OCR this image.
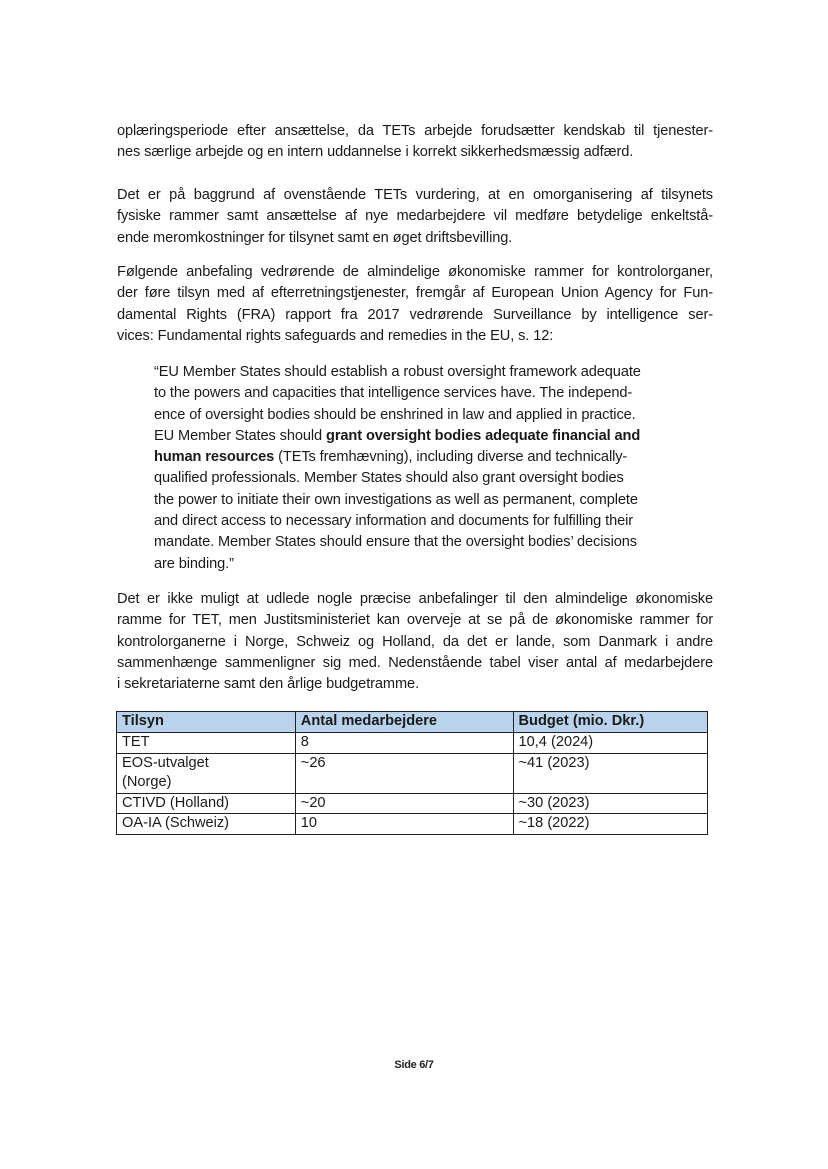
oplæringsperiode efter ansættelse, da TETs arbejde forudsætter kendskab til tjenester-
nes særlige arbejde og en intern uddannelse i korrekt sikkerhedsmæssig adfærd.
Det er på baggrund af ovenstående TETs vurdering, at en omorganisering af tilsynets
fysiske rammer samt ansættelse af nye medarbejdere vil medføre betydelige enkeltstå-
ende meromkostninger for tilsynet samt en øget driftsbevilling.
Følgende anbefaling vedrørende de almindelige økonomiske rammer for kontrolorganer,
der føre tilsyn med af efterretningstjenester, fremgår af European Union Agency for Fun-
damental Rights (FRA) rapport fra 2017 vedrørende Surveillance by intelligence ser-
vices: Fundamental rights safeguards and remedies in the EU, s. 12:
“EU Member States should establish a robust oversight framework adequate
to the powers and capacities that intelligence services have. The independ-
ence of oversight bodies should be enshrined in law and applied in practice.
EU Member States should grant oversight bodies adequate financial and
human resources (TETs fremhævning), including diverse and technically-
qualified professionals. Member States should also grant oversight bodies
the power to initiate their own investigations as well as permanent, complete
and direct access to necessary information and documents for fulfilling their
mandate. Member States should ensure that the oversight bodies’ decisions
are binding.”
Det er ikke muligt at udlede nogle præcise anbefalinger til den almindelige økonomiske
ramme for TET, men Justitsministeriet kan overveje at se på de økonomiske rammer for
kontrolorganerne i Norge, Schweiz og Holland, da det er lande, som Danmark i andre
sammenhænge sammenligner sig med. Nedenstående tabel viser antal af medarbejdere
i sekretariaterne samt den årlige budgetramme.
Tilsyn	Antal medarbejdere	Budget (mio. Dkr.)
TET	8	10,4 (2024)
EOS-utvalget
(Norge)	~26	~41 (2023)
CTIVD (Holland)	~20	~30 (2023)
OA-IA (Schweiz)	10	~18 (2022)
Side 6/7
